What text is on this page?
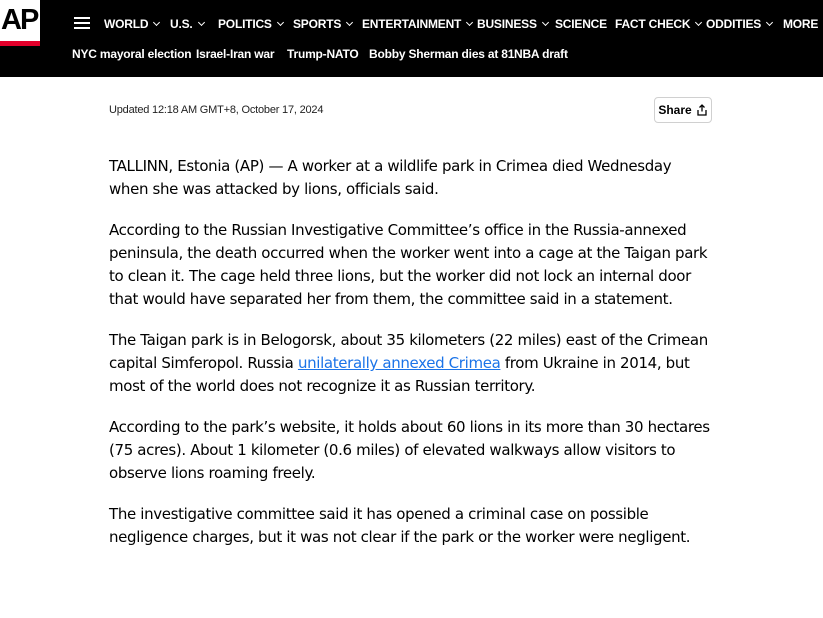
AP	WORLD	U.S.	POLITICS	SPORTS	ENTERTAINMENT	BUSINESS	SCIENCE FACT CHECK	ODDITIES	MORE
NYC mayoral election Israel-Iran war Trump-NATO Bobby Sherman dies at 81 NBA draft
Updated 12:18 AM GMT+8, October 17, 2024	Share

TALLINN, Estonia (AP) — A worker at a wildlife park in Crimea died Wednesday when she was attacked by lions, officials said.

According to the Russian Investigative Committee’s office in the Russia-annexed peninsula, the death occurred when the worker went into a cage at the Taigan park to clean it. The cage held three lions, but the worker did not lock an internal door that would have separated her from them, the committee said in a statement.

The Taigan park is in Belogorsk, about 35 kilometers (22 miles) east of the Crimean capital Simferopol. Russia unilaterally annexed Crimea from Ukraine in 2014, but most of the world does not recognize it as Russian territory.

According to the park’s website, it holds about 60 lions in its more than 30 hectares (75 acres). About 1 kilometer (0.6 miles) of elevated walkways allow visitors to observe lions roaming freely.

The investigative committee said it has opened a criminal case on possible negligence charges, but it was not clear if the park or the worker were negligent.
